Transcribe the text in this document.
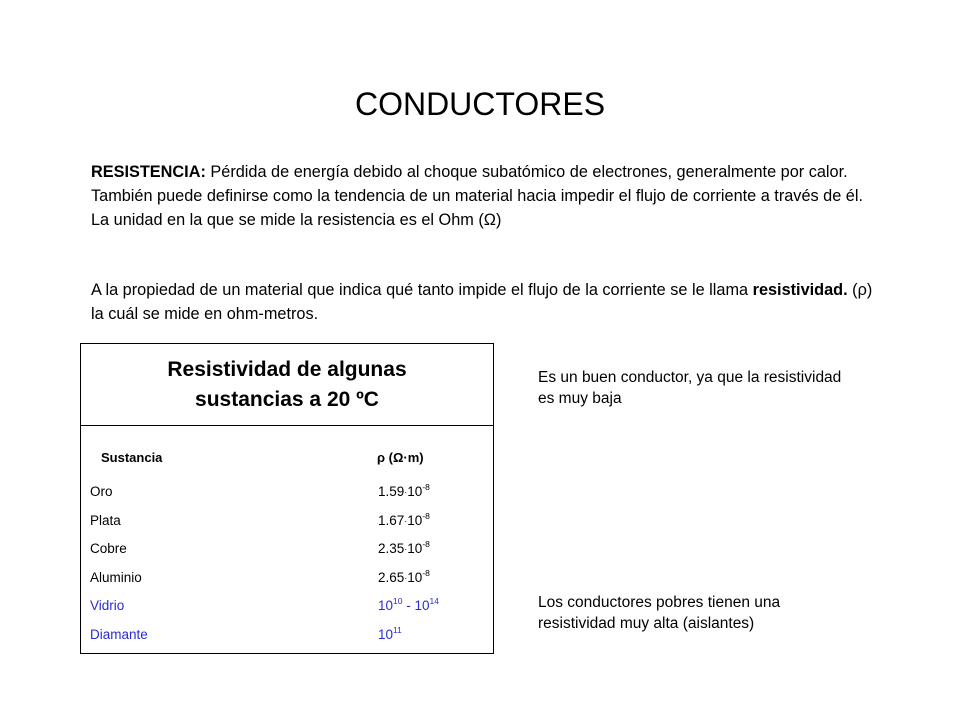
CONDUCTORES
RESISTENCIA: Pérdida de energía debido al choque subatómico de electrones, generalmente por calor. También puede definirse como la tendencia de un material hacia impedir el flujo de corriente a través de él. La unidad en la que se mide la resistencia es el Ohm (Ω)
A la propiedad de un material que indica qué tanto impide el flujo de la corriente se le llama resistividad. (ρ) la cuál se mide en ohm-metros.
Resistividad de algunas
sustancias a 20 ºC
Sustancia	ρ (Ω·m)
Oro	$1.59\cdot 10^{-8}$
Plata	$1.67\cdot 10^{-8}$
Cobre	$2.35\cdot 10^{-8}$
Aluminio	$2.65\cdot 10^{-8}$
Vidrio	$10^{10} - 10^{14}$
Diamante	$10^{11}$
Es un buen conductor, ya que la resistividad es muy baja
Los conductores pobres tienen una resistividad muy alta (aislantes)
